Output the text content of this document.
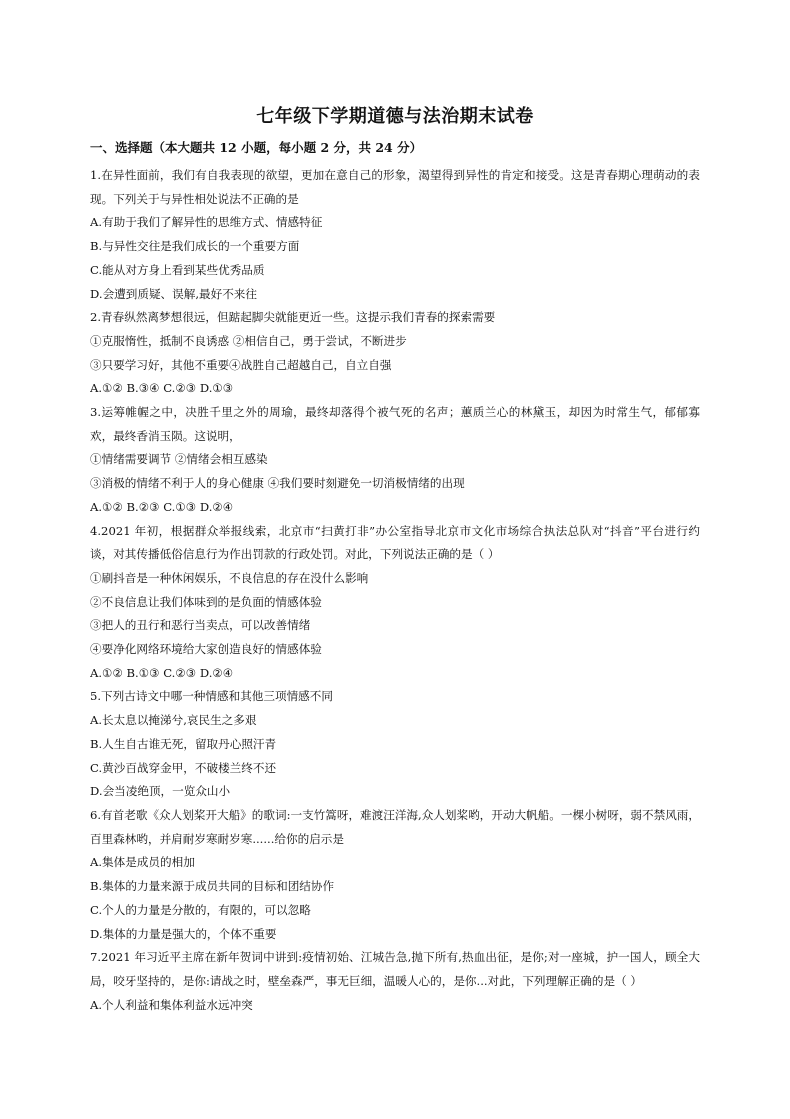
七年级下学期道德与法治期末试卷
一、选择题（本大题共 12 小题，每小题 2 分，共 24 分）
1.在异性面前，我们有自我表现的欲望，更加在意自己的形象，渴望得到异性的肯定和接受。这是青春期心理萌动的表现。下列关于与异性相处说法不正确的是
A.有助于我们了解异性的思维方式、情感特征
B.与异性交往是我们成长的一个重要方面
C.能从对方身上看到某些优秀品质
D.会遭到质疑、误解,最好不来往
2.青春纵然离梦想很远，但踮起脚尖就能更近一些。这提示我们青春的探索需要
①克服惰性，抵制不良诱惑 ②相信自己，勇于尝试，不断进步
③只要学习好，其他不重要④战胜自己超越自己，自立自强
A.①② B.③④ C.②③ D.①③
3.运筹帷幄之中，决胜千里之外的周瑜，最终却落得个被气死的名声；蕙质兰心的林黛玉，却因为时常生气，郁郁寡欢，最终香消玉陨。这说明，
①情绪需要调节 ②情绪会相互感染
③消极的情绪不利于人的身心健康 ④我们要时刻避免一切消极情绪的出现
A.①② B.②③ C.①③ D.②④
4.2021 年初，根据群众举报线索，北京市“扫黄打非”办公室指导北京市文化市场综合执法总队对“抖音”平台进行约谈，对其传播低俗信息行为作出罚款的行政处罚。对此，下列说法正确的是（ ）
①刷抖音是一种休闲娱乐，不良信息的存在没什么影响
②不良信息让我们体味到的是负面的情感体验
③把人的丑行和恶行当卖点，可以改善情绪
④要净化网络环境给大家创造良好的情感体验
A.①② B.①③ C.②③ D.②④
5.下列古诗文中哪一种情感和其他三项情感不同
A.长太息以掩涕兮,哀民生之多艰
B.人生自古谁无死，留取丹心照汗青
C.黄沙百战穿金甲，不破楼兰终不还
D.会当凌绝顶，一览众山小
6.有首老歌《众人划桨开大船》的歌词:一支竹篙呀，难渡汪洋海,众人划桨哟，开动大帆船。一棵小树呀，弱不禁风雨，百里森林哟，并肩耐岁寒耐岁寒......给你的启示是
A.集体是成员的相加
B.集体的力量来源于成员共同的目标和团结协作
C.个人的力量是分散的，有限的，可以忽略
D.集体的力量是强大的，个体不重要
7.2021 年习近平主席在新年贺词中讲到:疫情初始、江城告急,抛下所有,热血出征，是你;对一座城，护一国人，顾全大局，咬牙坚持的，是你:请战之时，壁垒森严，事无巨细，温暖人心的，是你...对此，下列理解正确的是（ ）
A.个人利益和集体利益水远冲突
